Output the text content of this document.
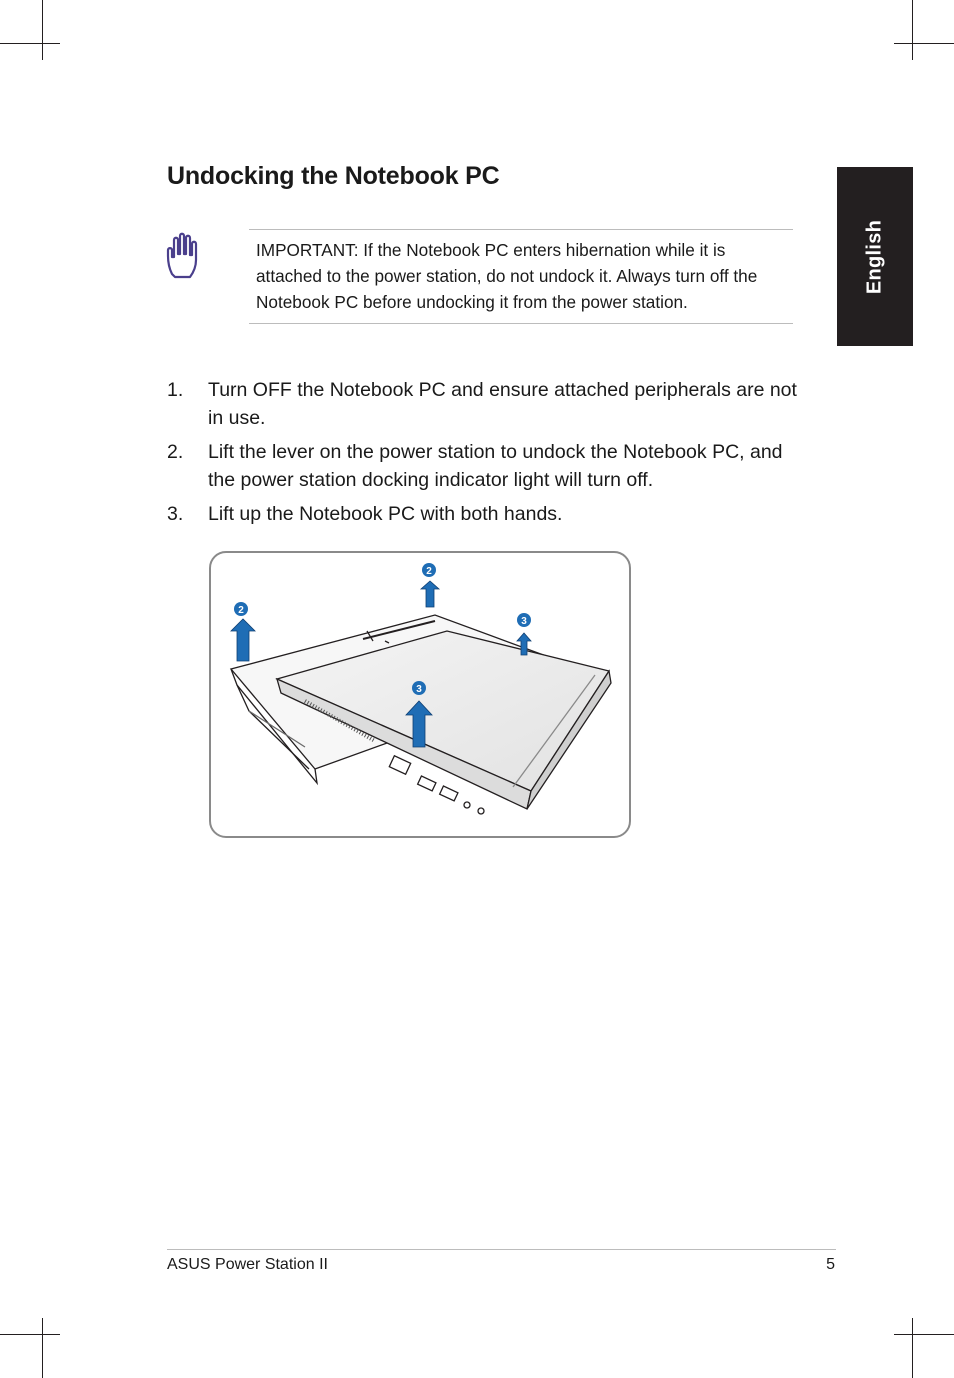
English
Undocking the Notebook PC

IMPORTANT: If the Notebook PC enters hibernation while it is attached to the power station, do not undock it. Always turn off the Notebook PC before undocking it from the power station.

1. Turn OFF the Notebook PC and ensure attached peripherals are not in use.
2. Lift the lever on the power station to undock the Notebook PC, and the power station docking indicator light will turn off.
3. Lift up the Notebook PC with both hands.
2
2
3
3
ASUS Power Station II	5
